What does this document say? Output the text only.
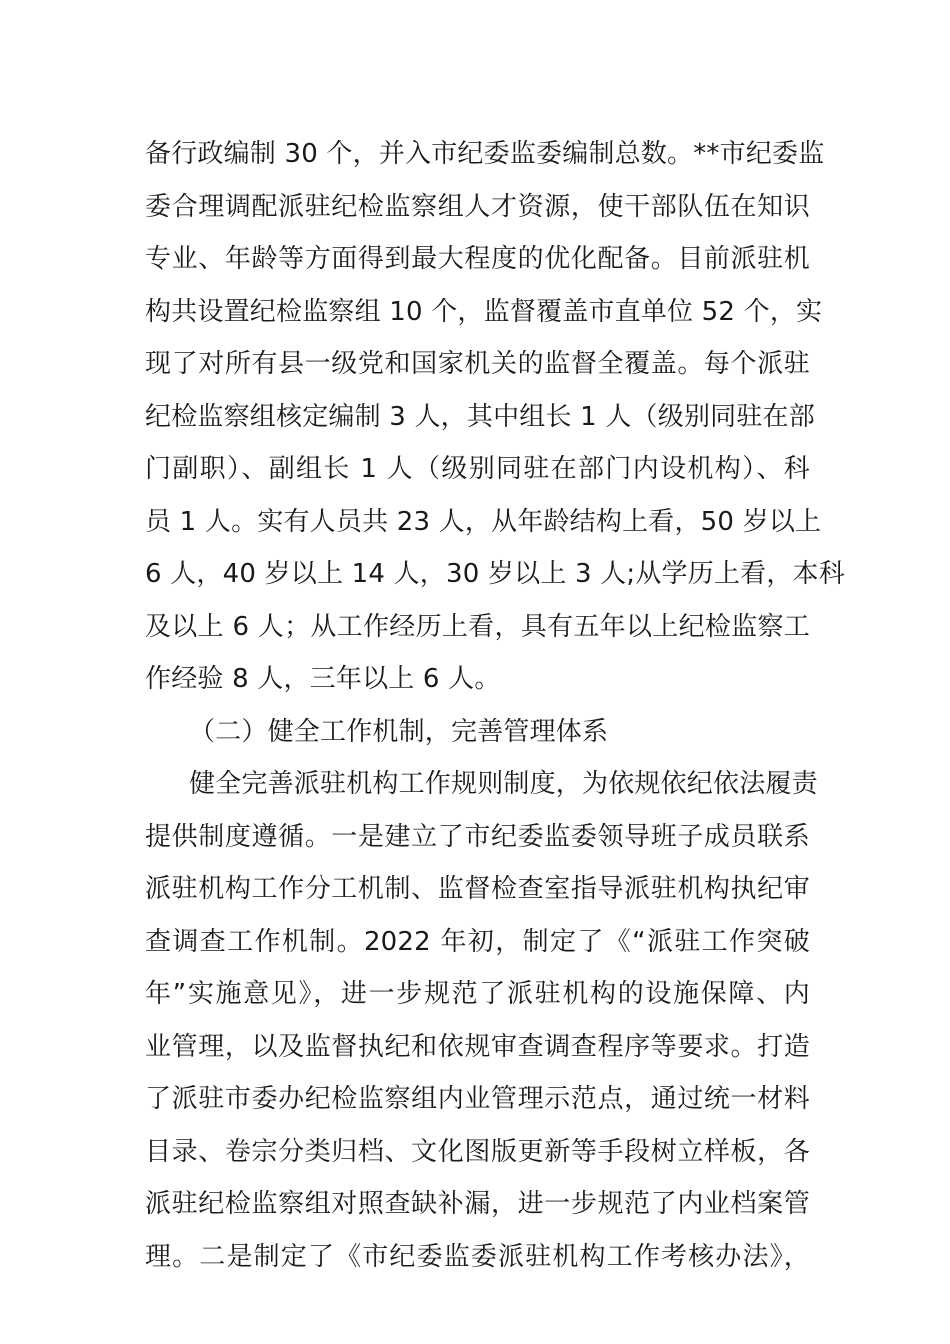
备行政编制 30 个，并入市纪委监委编制总数。**市纪委监
委合理调配派驻纪检监察组人才资源，使干部队伍在知识
专业、年龄等方面得到最大程度的优化配备。目前派驻机
构共设置纪检监察组 10 个，监督覆盖市直单位 52 个，实
现了对所有县一级党和国家机关的监督全覆盖。每个派驻
纪检监察组核定编制 3 人，其中组长 1 人（级别同驻在部
门副职）、副组长 1 人（级别同驻在部门内设机构）、科
员 1 人。实有人员共 23 人，从年龄结构上看，50 岁以上
6 人，40 岁以上 14 人，30 岁以上 3 人;从学历上看，本科
及以上 6 人；从工作经历上看，具有五年以上纪检监察工
作经验 8 人，三年以上 6 人。
（二）健全工作机制，完善管理体系
健全完善派驻机构工作规则制度，为依规依纪依法履责
提供制度遵循。一是建立了市纪委监委领导班子成员联系
派驻机构工作分工机制、监督检查室指导派驻机构执纪审
查调查工作机制。2022 年初，制定了《“派驻工作突破
年”实施意见》，进一步规范了派驻机构的设施保障、内
业管理，以及监督执纪和依规审查调查程序等要求。打造
了派驻市委办纪检监察组内业管理示范点，通过统一材料
目录、卷宗分类归档、文化图版更新等手段树立样板，各
派驻纪检监察组对照查缺补漏，进一步规范了内业档案管
理。二是制定了《市纪委监委派驻机构工作考核办法》，
